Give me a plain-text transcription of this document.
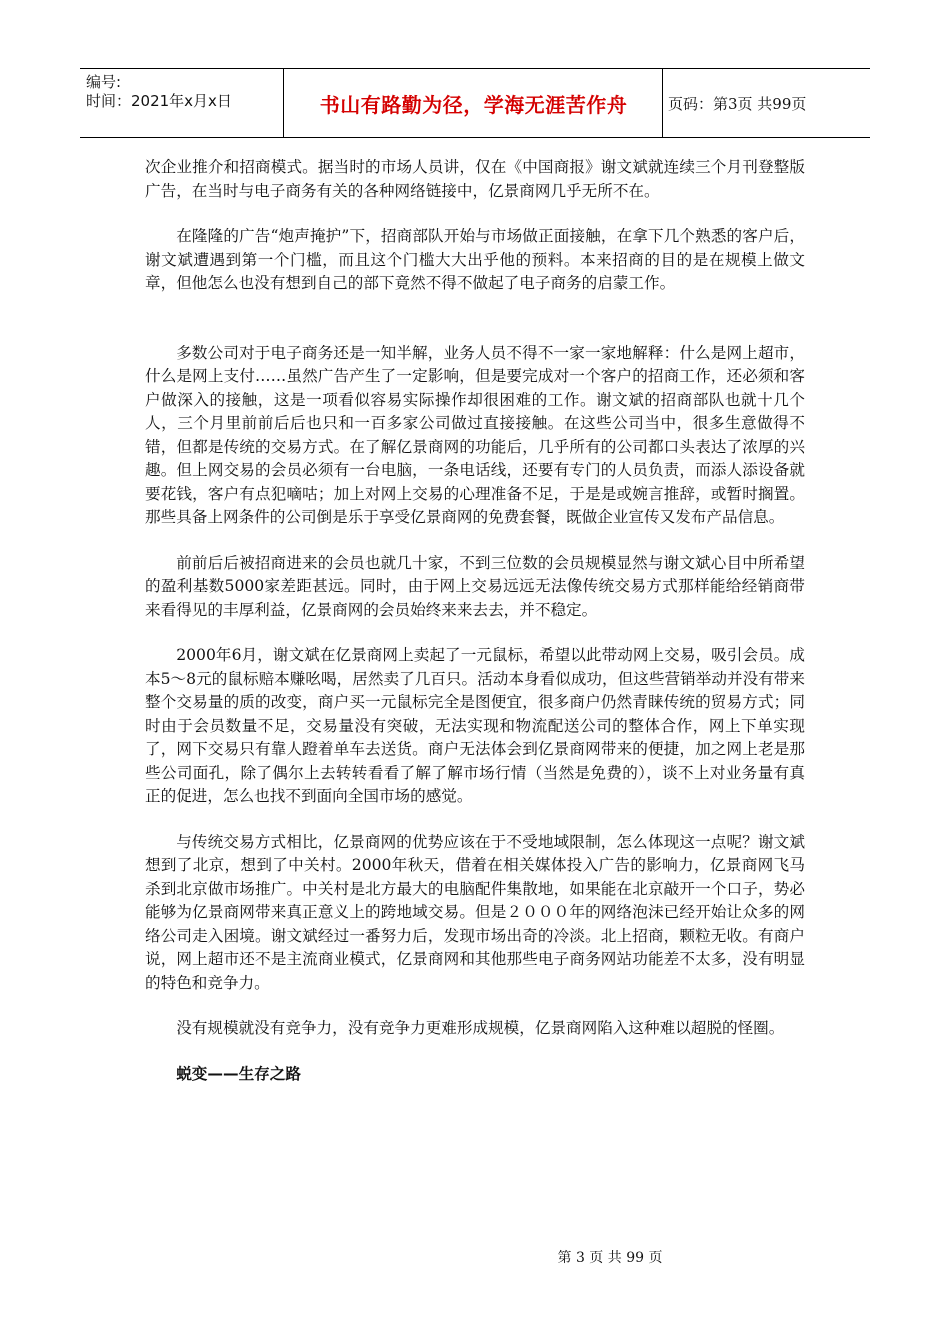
编号:
时间：2021年x月x日	书山有路勤为径，学海无涯苦作舟	页码：第3页 共99页

次企业推介和招商模式。据当时的市场人员讲，仅在《中国商报》谢文斌就连续三个月刊登整版广告，在当时与电子商务有关的各种网络链接中，亿景商网几乎无所不在。

在隆隆的广告“炮声掩护”下，招商部队开始与市场做正面接触，在拿下几个熟悉的客户后，谢文斌遭遇到第一个门槛，而且这个门槛大大出乎他的预料。本来招商的目的是在规模上做文章，但他怎么也没有想到自己的部下竟然不得不做起了电子商务的启蒙工作。

多数公司对于电子商务还是一知半解，业务人员不得不一家一家地解释：什么是网上超市，什么是网上支付……虽然广告产生了一定影响，但是要完成对一个客户的招商工作，还必须和客户做深入的接触，这是一项看似容易实际操作却很困难的工作。谢文斌的招商部队也就十几个人，三个月里前前后后也只和一百多家公司做过直接接触。在这些公司当中，很多生意做得不错，但都是传统的交易方式。在了解亿景商网的功能后，几乎所有的公司都口头表达了浓厚的兴趣。但上网交易的会员必须有一台电脑，一条电话线，还要有专门的人员负责，而添人添设备就要花钱，客户有点犯嘀咕；加上对网上交易的心理准备不足，于是是或婉言推辞，或暂时搁置。那些具备上网条件的公司倒是乐于享受亿景商网的免费套餐，既做企业宣传又发布产品信息。

前前后后被招商进来的会员也就几十家，不到三位数的会员规模显然与谢文斌心目中所希望的盈利基数5000家差距甚远。同时，由于网上交易远远无法像传统交易方式那样能给经销商带来看得见的丰厚利益，亿景商网的会员始终来来去去，并不稳定。

2000年6月，谢文斌在亿景商网上卖起了一元鼠标，希望以此带动网上交易，吸引会员。成本5～8元的鼠标赔本赚吆喝，居然卖了几百只。活动本身看似成功，但这些营销举动并没有带来整个交易量的质的改变，商户买一元鼠标完全是图便宜，很多商户仍然青睐传统的贸易方式；同时由于会员数量不足，交易量没有突破，无法实现和物流配送公司的整体合作，网上下单实现了，网下交易只有靠人蹬着单车去送货。商户无法体会到亿景商网带来的便捷，加之网上老是那些公司面孔，除了偶尔上去转转看看了解了解市场行情（当然是免费的），谈不上对业务量有真正的促进，怎么也找不到面向全国市场的感觉。

与传统交易方式相比，亿景商网的优势应该在于不受地域限制，怎么体现这一点呢？谢文斌想到了北京，想到了中关村。2000年秋天，借着在相关媒体投入广告的影响力，亿景商网飞马杀到北京做市场推广。中关村是北方最大的电脑配件集散地，如果能在北京敲开一个口子，势必能够为亿景商网带来真正意义上的跨地域交易。但是２０００年的网络泡沫已经开始让众多的网络公司走入困境。谢文斌经过一番努力后，发现市场出奇的冷淡。北上招商，颗粒无收。有商户说，网上超市还不是主流商业模式，亿景商网和其他那些电子商务网站功能差不太多，没有明显的特色和竞争力。

没有规模就没有竞争力，没有竞争力更难形成规模，亿景商网陷入这种难以超脱的怪圈。

蜕变——生存之路

第 3 页 共 99 页
